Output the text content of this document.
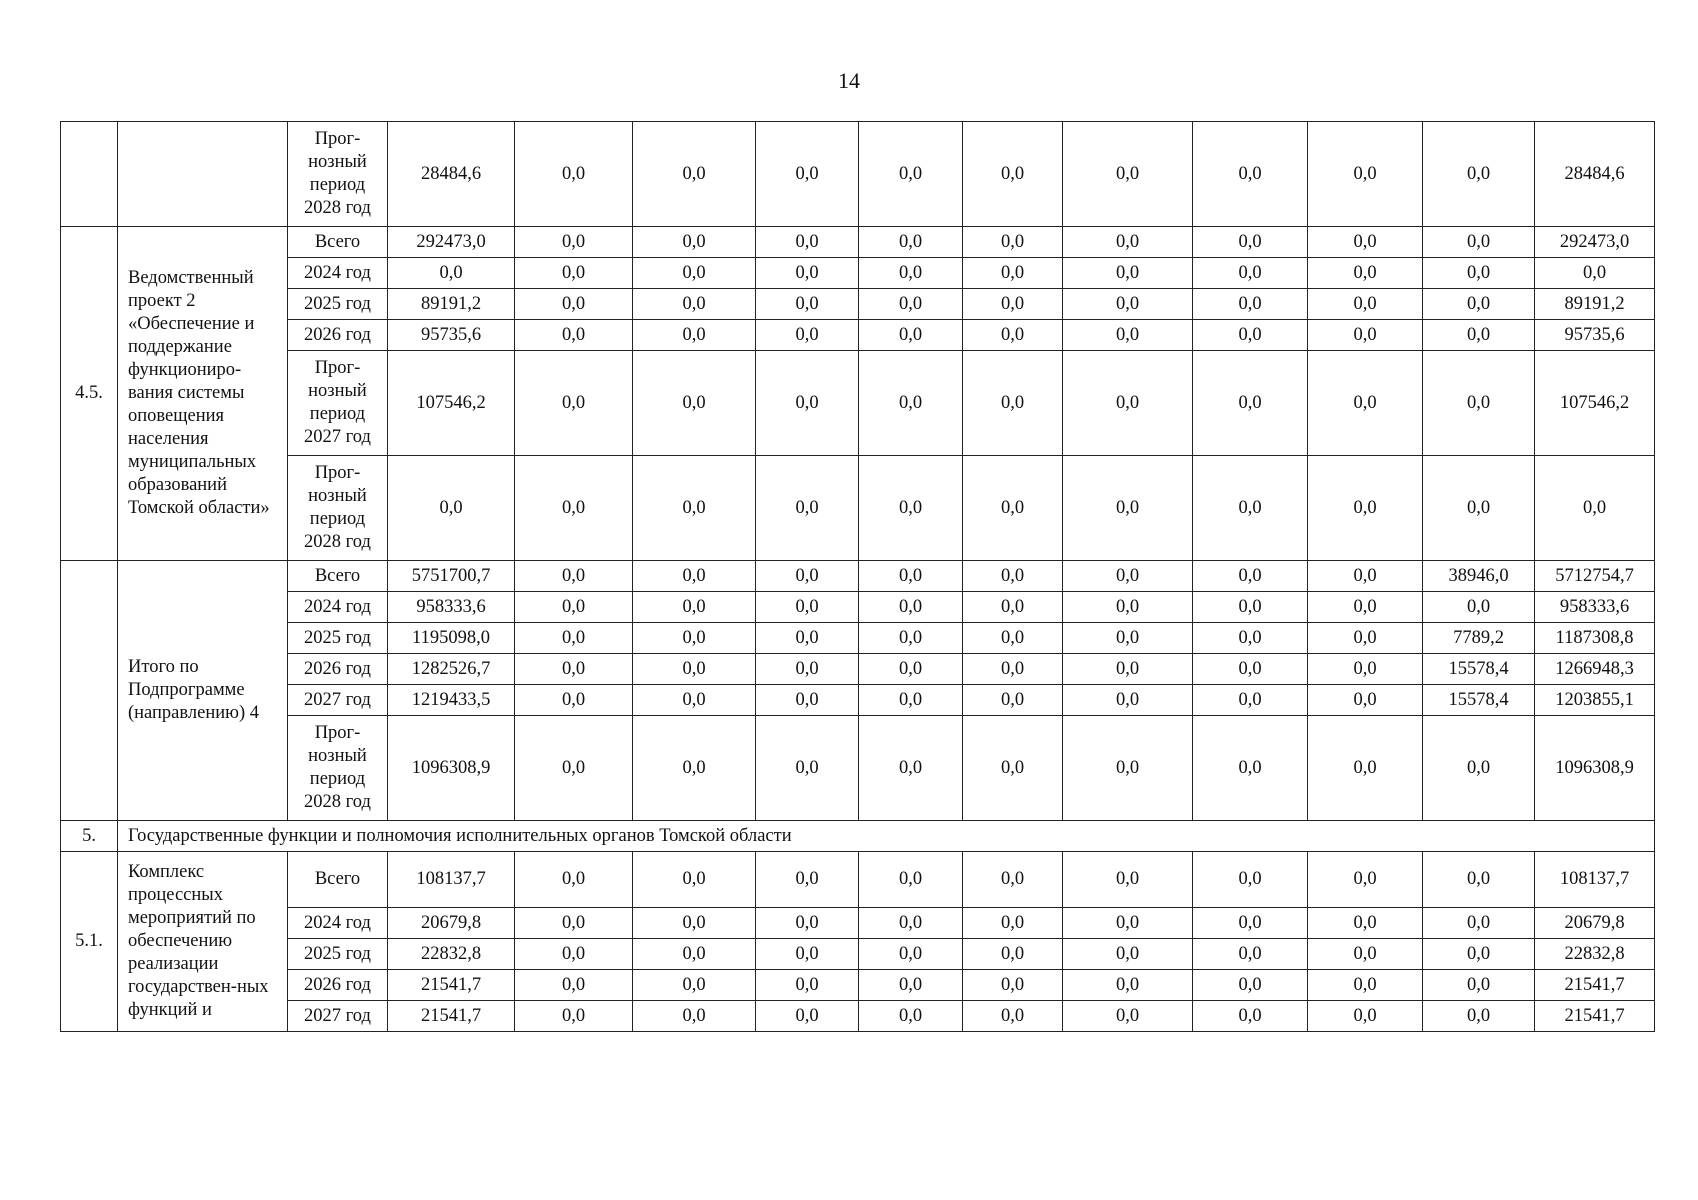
14
		Прог-
нозный
период
2028 год	28484,6	0,0	0,0	0,0	0,0	0,0	0,0	0,0	0,0	0,0	28484,6
4.5.	Ведомственный проект 2 «Обеспечение и поддержание функциониро-вания системы оповещения населения муниципальных образований Томской области»	Всего	292473,0	0,0	0,0	0,0	0,0	0,0	0,0	0,0	0,0	0,0	292473,0
		2024 год	0,0	0,0	0,0	0,0	0,0	0,0	0,0	0,0	0,0	0,0	0,0
		2025 год	89191,2	0,0	0,0	0,0	0,0	0,0	0,0	0,0	0,0	0,0	89191,2
		2026 год	95735,6	0,0	0,0	0,0	0,0	0,0	0,0	0,0	0,0	0,0	95735,6
		Прог-
нозный
период
2027 год	107546,2	0,0	0,0	0,0	0,0	0,0	0,0	0,0	0,0	0,0	107546,2
		Прог-
нозный
период
2028 год	0,0	0,0	0,0	0,0	0,0	0,0	0,0	0,0	0,0	0,0	0,0
	Итого по Подпрограмме (направлению) 4	Всего	5751700,7	0,0	0,0	0,0	0,0	0,0	0,0	0,0	0,0	38946,0	5712754,7
		2024 год	958333,6	0,0	0,0	0,0	0,0	0,0	0,0	0,0	0,0	0,0	958333,6
		2025 год	1195098,0	0,0	0,0	0,0	0,0	0,0	0,0	0,0	0,0	7789,2	1187308,8
		2026 год	1282526,7	0,0	0,0	0,0	0,0	0,0	0,0	0,0	0,0	15578,4	1266948,3
		2027 год	1219433,5	0,0	0,0	0,0	0,0	0,0	0,0	0,0	0,0	15578,4	1203855,1
		Прог-
нозный
период
2028 год	1096308,9	0,0	0,0	0,0	0,0	0,0	0,0	0,0	0,0	0,0	1096308,9
5.	Государственные функции и полномочия исполнительных органов Томской области												
5.1.	Комплекс процессных мероприятий по обеспечению реализации государствен-ных функций и	Всего	108137,7	0,0	0,0	0,0	0,0	0,0	0,0	0,0	0,0	0,0	108137,7
		2024 год	20679,8	0,0	0,0	0,0	0,0	0,0	0,0	0,0	0,0	0,0	20679,8
		2025 год	22832,8	0,0	0,0	0,0	0,0	0,0	0,0	0,0	0,0	0,0	22832,8
		2026 год	21541,7	0,0	0,0	0,0	0,0	0,0	0,0	0,0	0,0	0,0	21541,7
		2027 год	21541,7	0,0	0,0	0,0	0,0	0,0	0,0	0,0	0,0	0,0	21541,7
